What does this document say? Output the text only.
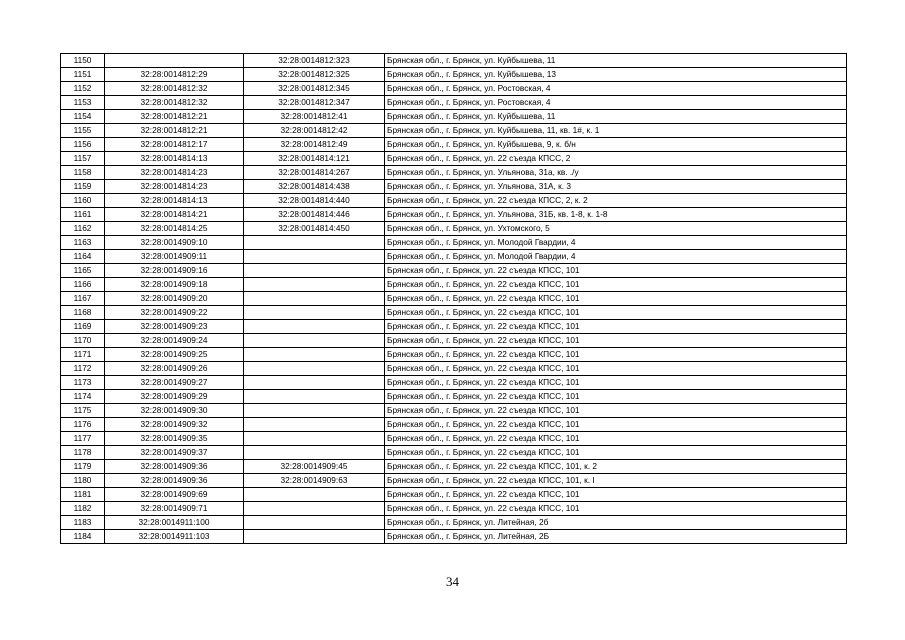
1150		32:28:0014812:323	Брянская обл., г. Брянск, ул. Куйбышева, 11
1151	32:28:0014812:29	32:28:0014812:325	Брянская обл., г. Брянск, ул. Куйбышева, 13
1152	32:28:0014812:32	32:28:0014812:345	Брянская обл., г. Брянск, ул. Ростовская, 4
1153	32:28:0014812:32	32:28:0014812:347	Брянская обл., г. Брянск, ул. Ростовская, 4
1154	32:28:0014812:21	32:28:0014812:41	Брянская обл., г. Брянск, ул. Куйбышева, 11
1155	32:28:0014812:21	32:28:0014812:42	Брянская обл., г. Брянск, ул. Куйбышева, 11, кв. 1#, к. 1
1156	32:28:0014812:17	32:28:0014812:49	Брянская обл., г. Брянск, ул. Куйбышева, 9, к. б/н
1157	32:28:0014814:13	32:28:0014814:121	Брянская обл., г. Брянск, ул. 22 съезда КПСС, 2
1158	32:28:0014814:23	32:28:0014814:267	Брянская обл., г. Брянск, ул. Ульянова, 31а, кв. ./у
1159	32:28:0014814:23	32:28:0014814:438	Брянская обл., г. Брянск, ул. Ульянова, 31А, к. 3
1160	32:28:0014814:13	32:28:0014814:440	Брянская обл., г. Брянск, ул. 22 съезда КПСС, 2, к. 2
1161	32:28:0014814:21	32:28:0014814:446	Брянская обл., г. Брянск, ул. Ульянова, 31Б, кв. 1-8, к. 1-8
1162	32:28:0014814:25	32:28:0014814:450	Брянская обл., г. Брянск, ул. Ухтомского, 5
1163	32:28:0014909:10		Брянская обл., г. Брянск, ул. Молодой Гвардии, 4
1164	32:28:0014909:11		Брянская обл., г. Брянск, ул. Молодой Гвардии, 4
1165	32:28:0014909:16		Брянская обл., г. Брянск, ул. 22 съезда КПСС, 101
1166	32:28:0014909:18		Брянская обл., г. Брянск, ул. 22 съезда КПСС, 101
1167	32:28:0014909:20		Брянская обл., г. Брянск, ул. 22 съезда КПСС, 101
1168	32:28:0014909:22		Брянская обл., г. Брянск, ул. 22 съезда КПСС, 101
1169	32:28:0014909:23		Брянская обл., г. Брянск, ул. 22 съезда КПСС, 101
1170	32:28:0014909:24		Брянская обл., г. Брянск, ул. 22 съезда КПСС, 101
1171	32:28:0014909:25		Брянская обл., г. Брянск, ул. 22 съезда КПСС, 101
1172	32:28:0014909:26		Брянская обл., г. Брянск, ул. 22 съезда КПСС, 101
1173	32:28:0014909:27		Брянская обл., г. Брянск, ул. 22 съезда КПСС, 101
1174	32:28:0014909:29		Брянская обл., г. Брянск, ул. 22 съезда КПСС, 101
1175	32:28:0014909:30		Брянская обл., г. Брянск, ул. 22 съезда КПСС, 101
1176	32:28:0014909:32		Брянская обл., г. Брянск, ул. 22 съезда КПСС, 101
1177	32:28:0014909:35		Брянская обл., г. Брянск, ул. 22 съезда КПСС, 101
1178	32:28:0014909:37		Брянская обл., г. Брянск, ул. 22 съезда КПСС, 101
1179	32:28:0014909:36	32:28:0014909:45	Брянская обл., г. Брянск, ул. 22 съезда КПСС, 101, к. 2
1180	32:28:0014909:36	32:28:0014909:63	Брянская обл., г. Брянск, ул. 22 съезда КПСС, 101, к. I
1181	32:28:0014909:69		Брянская обл., г. Брянск, ул. 22 съезда КПСС, 101
1182	32:28:0014909:71		Брянская обл., г. Брянск, ул. 22 съезда КПСС, 101
1183	32:28:0014911:100		Брянская обл., г. Брянск, ул. Литейная, 2б
1184	32:28:0014911:103		Брянская обл., г. Брянск, ул. Литейная, 2Б
34
